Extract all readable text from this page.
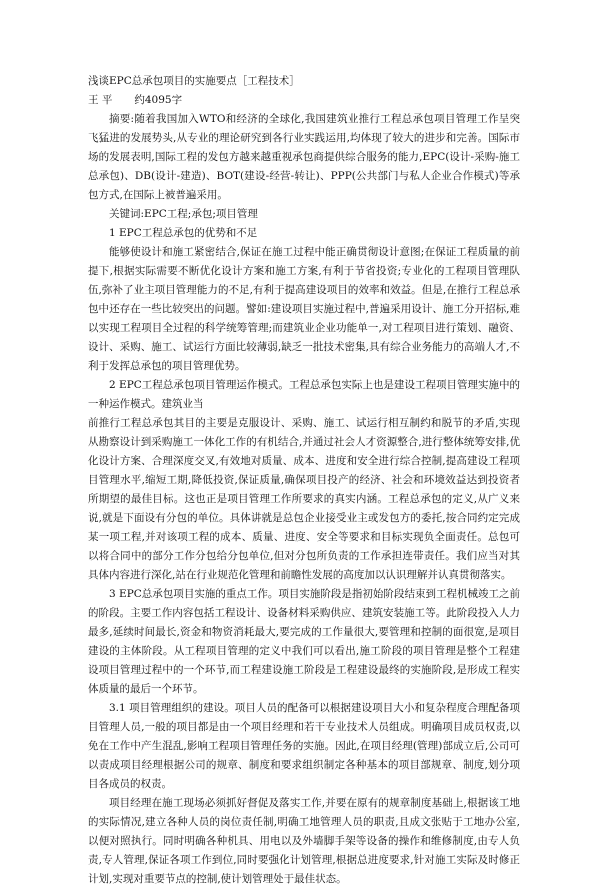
浅谈EPC总承包项目的实施要点［工程技术］

王 平 约4095字

摘要:随着我国加入WTO和经济的全球化,我国建筑业推行工程总承包项目管理工作呈突飞猛进的发展势头,从专业的理论研究到各行业实践运用,均体现了较大的进步和完善。国际市场的发展表明,国际工程的发包方越来越重视承包商提供综合服务的能力,EPC(设计-采购-施工总承包)、DB(设计-建造)、BOT(建设-经营-转让)、PPP(公共部门与私人企业合作模式)等承包方式,在国际上被普遍采用。

关键词:EPC工程;承包;项目管理

1 EPC工程总承包的优势和不足

能够使设计和施工紧密结合,保证在施工过程中能正确贯彻设计意图;在保证工程质量的前提下,根据实际需要不断优化设计方案和施工方案,有利于节省投资;专业化的工程项目管理队伍,弥补了业主项目管理能力的不足,有利于提高建设项目的效率和效益。但是,在推行工程总承包中还存在一些比较突出的问题。譬如:建设项目实施过程中,普遍采用设计、施工分开招标,难以实现工程项目全过程的科学统筹管理;而建筑业企业功能单一,对工程项目进行策划、融资、设计、采购、施工、试运行方面比较薄弱,缺乏一批技术密集,具有综合业务能力的高端人才,不利于发挥总承包的项目管理优势。

2 EPC工程总承包项目管理运作模式。工程总承包实际上也是建设工程项目管理实施中的一种运作模式。建筑业当

前推行工程总承包其目的主要是克服设计、采购、施工、试运行相互制约和脱节的矛盾,实现从勘察设计到采购施工一体化工作的有机结合,并通过社会人才资源整合,进行整体统筹安排,优化设计方案、合理深度交叉,有效地对质量、成本、进度和安全进行综合控制,提高建设工程项目管理水平,缩短工期,降低投资,保证质量,确保项目投产的经济、社会和环境效益达到投资者所期望的最佳目标。这也正是项目管理工作所要求的真实内涵。工程总承包的定义,从广义来说,就是下面设有分包的单位。具体讲就是总包企业接受业主或发包方的委托,按合同约定完成某一项工程,并对该项工程的成本、质量、进度、安全等要求和目标实现负全面责任。总包可以将合同中的部分工作分包给分包单位,但对分包所负责的工作承担连带责任。我们应当对其具体内容进行深化,站在行业规范化管理和前瞻性发展的高度加以认识理解并认真贯彻落实。

3 EPC总承包项目实施的重点工作。项目实施阶段是指初始阶段结束到工程机械竣工之前的阶段。主要工作内容包括工程设计、设备材料采购供应、建筑安装施工等。此阶段投入人力最多,延续时间最长,资金和物资消耗最大,要完成的工作量很大,要管理和控制的面很宽,是项目建设的主体阶段。从工程项目管理的定义中我们可以看出,施工阶段的项目管理是整个工程建设项目管理过程中的一个环节,而工程建设施工阶段是工程建设最终的实施阶段,是形成工程实体质量的最后一个环节。

3.1 项目管理组织的建设。项目人员的配备可以根据建设项目大小和复杂程度合理配备项目管理人员,一般的项目都是由一个项目经理和若干专业技术人员组成。明确项目成员权责,以免在工作中产生混乱,影响工程项目管理任务的实施。因此,在项目经理(管理)部成立后,公司可以责成项目经理根据公司的规章、制度和要求组织制定各种基本的项目部规章、制度,划分项目各成员的权责。

项目经理在施工现场必须抓好督促及落实工作,并要在原有的规章制度基础上,根据该工地的实际情况,建立各种人员的岗位责任制,明确工地管理人员的职责,且成文张贴于工地办公室,以便对照执行。同时明确各种机具、用电以及外墙脚手架等设备的操作和维修制度,由专人负责,专人管理,保证各项工作到位,同时要强化计划管理,根据总进度要求,针对施工实际及时修正计划,实现对重要节点的控制,使计划管理处于最佳状态。
